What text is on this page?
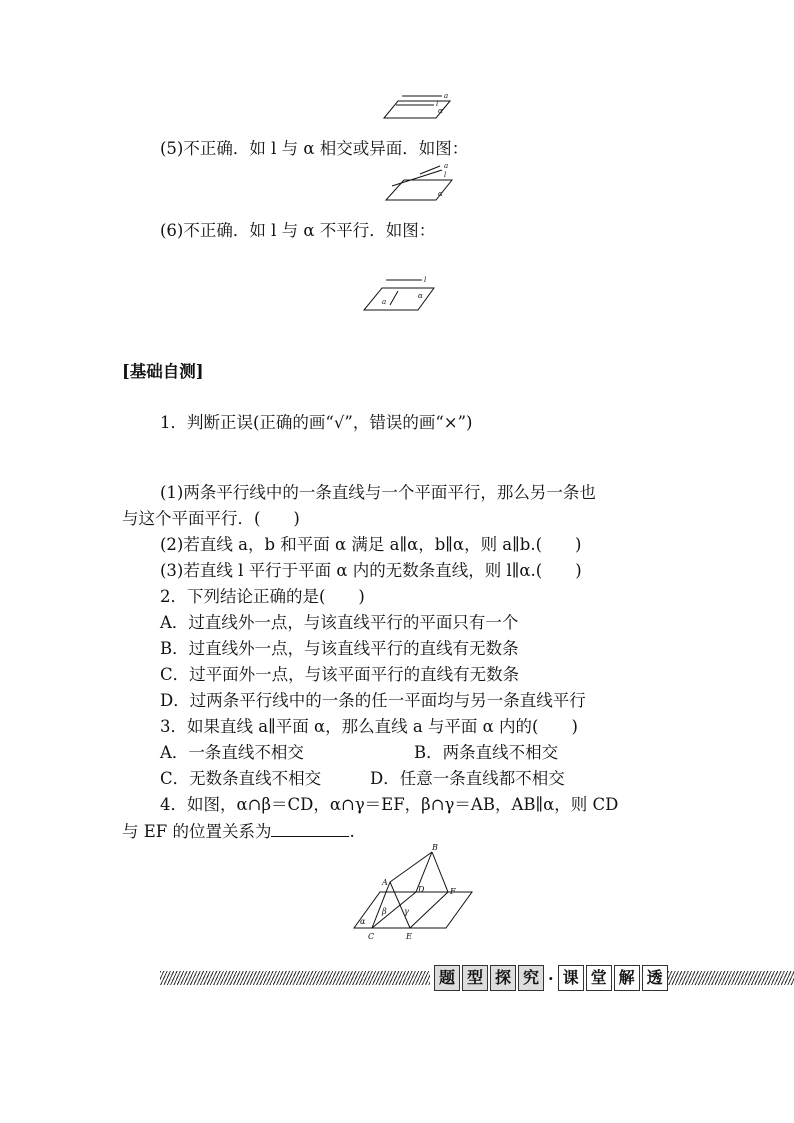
a
l
α
(5)不正确．如 l 与 α 相交或异面．如图：
a
l
α
(6)不正确．如 l 与 α 不平行．如图：
l
a
α
[基础自测]
1．判断正误(正确的画“√”，错误的画“×”)
(1)两条平行线中的一条直线与一个平面平行，那么另一条也
与这个平面平行．(　　)
(2)若直线 a，b 和平面 α 满足 a∥α，b∥α，则 a∥b.(　　)
(3)若直线 l 平行于平面 α 内的无数条直线，则 l∥α.(　　)
2．下列结论正确的是(　　)
A．过直线外一点，与该直线平行的平面只有一个
B．过直线外一点，与该直线平行的直线有无数条
C．过平面外一点，与该平面平行的直线有无数条
D．过两条平行线中的一条的任一平面均与另一条直线平行
3．如果直线 a∥平面 α，那么直线 a 与平面 α 内的(　　)
A．一条直线不相交	B．两条直线不相交
C．无数条直线不相交	D．任意一条直线都不相交
4．如图，α∩β＝CD，α∩γ＝EF，β∩γ＝AB，AB∥α，则 CD
与 EF 的位置关系为	.
B
A
D	F
β γ
α
C	E
题 型 探 究 · 课 堂 解 透
